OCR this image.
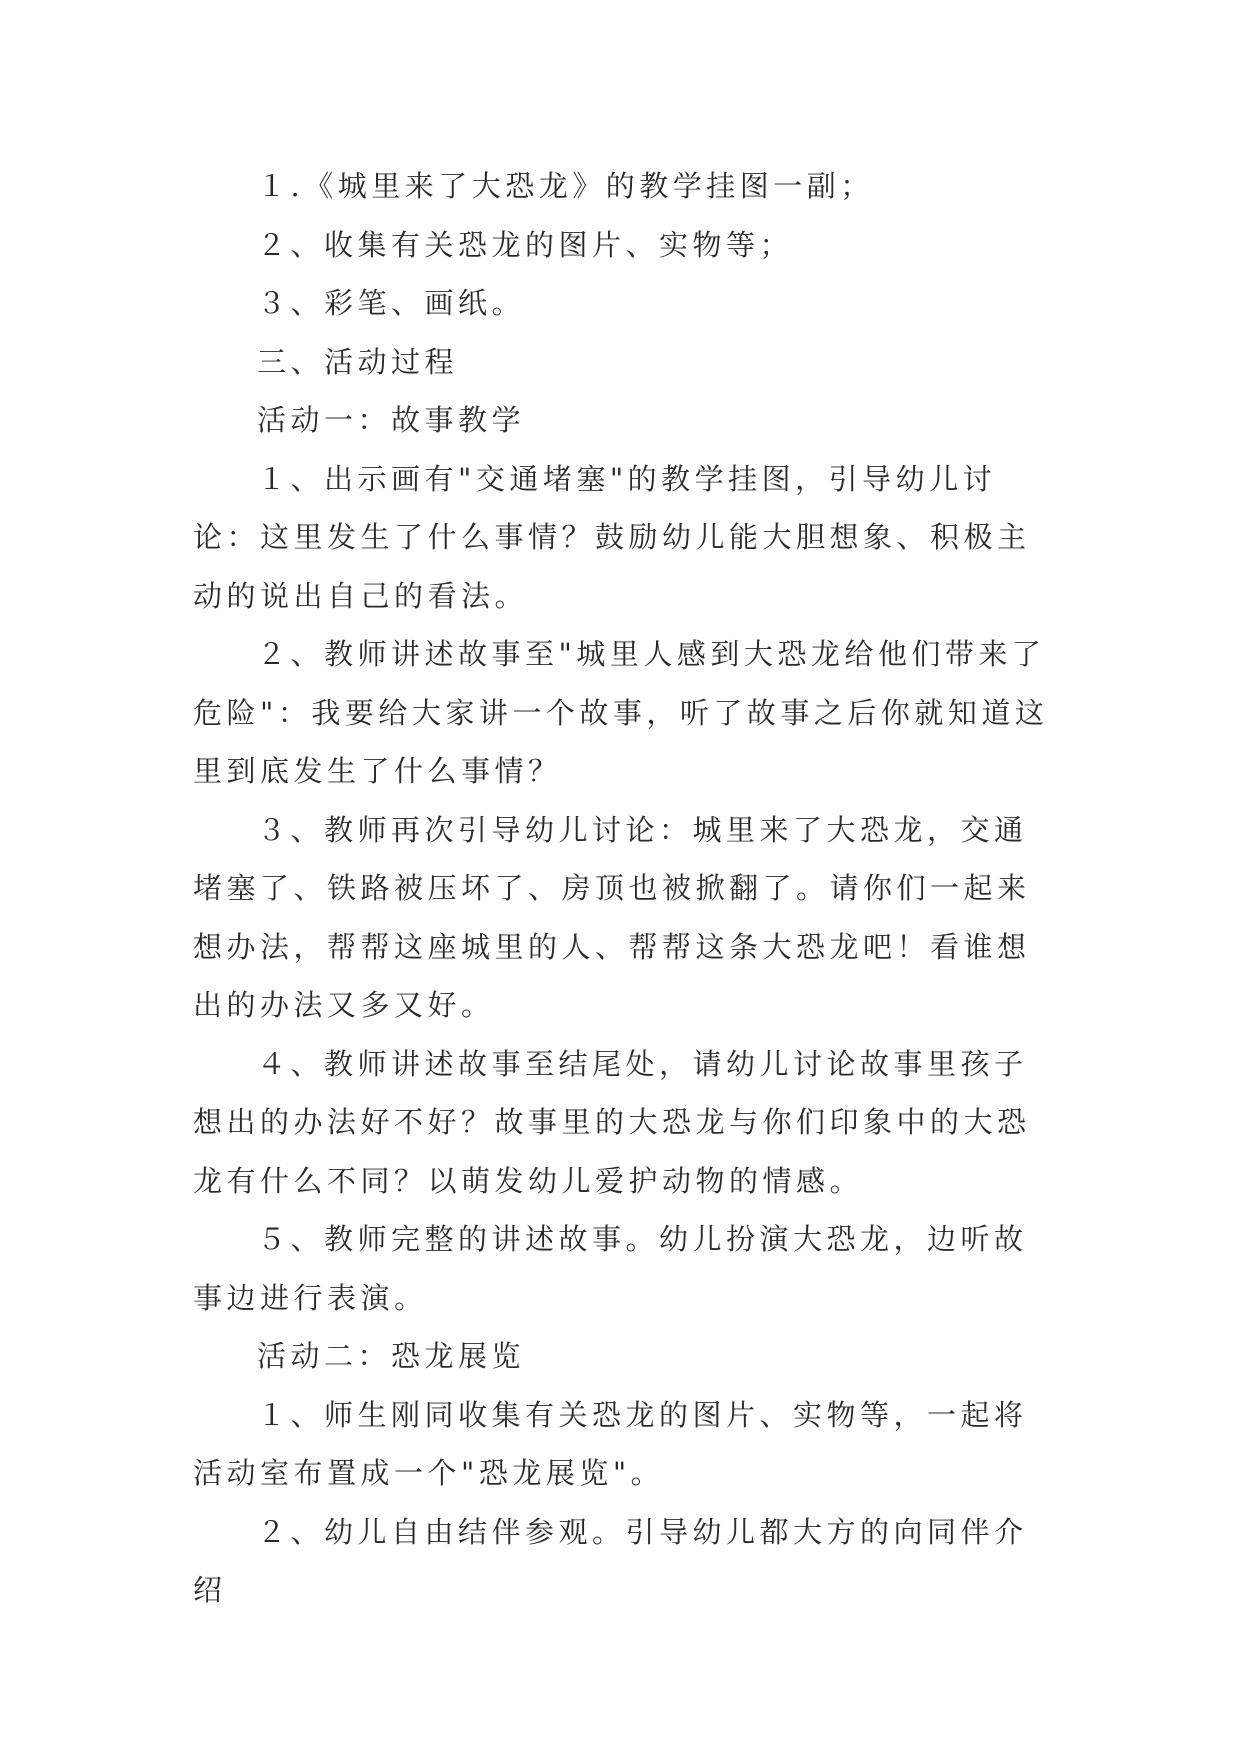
１.《城里来了大恐龙》的教学挂图一副；

２、收集有关恐龙的图片、实物等；

３、彩笔、画纸。

三、活动过程

活动一：故事教学

１、出示画有"交通堵塞"的教学挂图，引导幼儿讨论：这里发生了什么事情？鼓励幼儿能大胆想象、积极主动的说出自己的看法。

２、教师讲述故事至"城里人感到大恐龙给他们带来了危险"：我要给大家讲一个故事，听了故事之后你就知道这里到底发生了什么事情？

３、教师再次引导幼儿讨论：城里来了大恐龙，交通堵塞了、铁路被压坏了、房顶也被掀翻了。请你们一起来想办法，帮帮这座城里的人、帮帮这条大恐龙吧！看谁想出的办法又多又好。

４、教师讲述故事至结尾处，请幼儿讨论故事里孩子想出的办法好不好？故事里的大恐龙与你们印象中的大恐龙有什么不同？以萌发幼儿爱护动物的情感。

５、教师完整的讲述故事。幼儿扮演大恐龙，边听故事边进行表演。

活动二：恐龙展览

１、师生刚同收集有关恐龙的图片、实物等，一起将活动室布置成一个"恐龙展览"。

２、幼儿自由结伴参观。引导幼儿都大方的向同伴介绍
